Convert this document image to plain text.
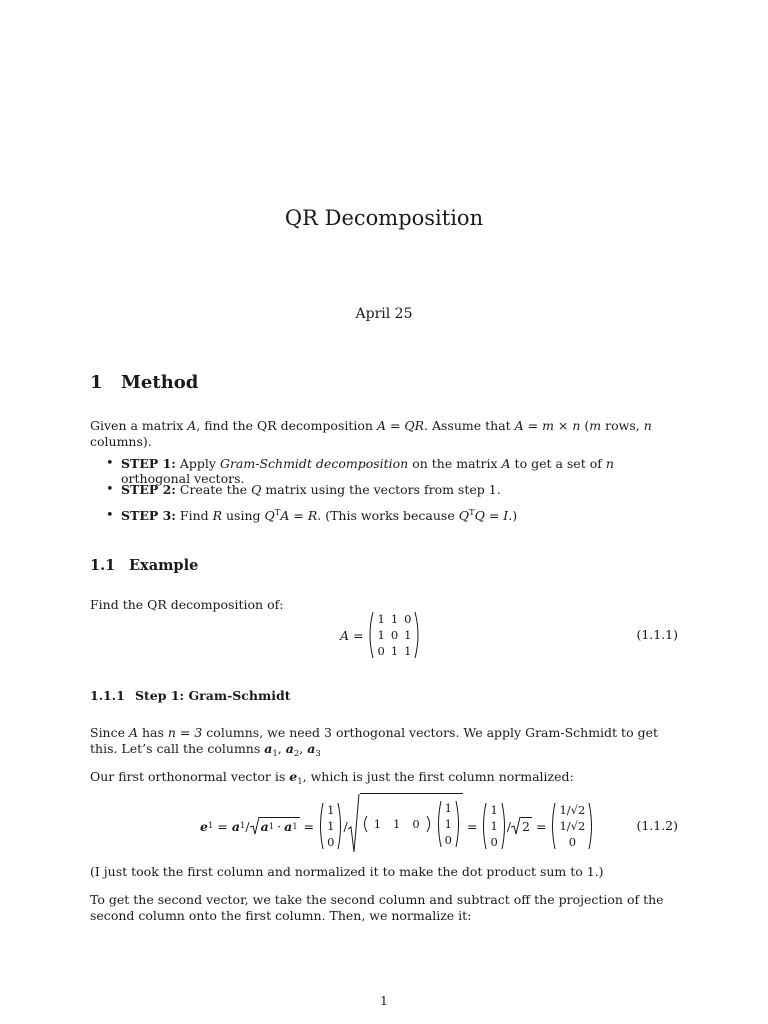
QR Decomposition
April 25
1 Method
Given a matrix A, find the QR decomposition A = QR. Assume that A = m × n (m rows, n columns).
• STEP 1: Apply Gram-Schmidt decomposition on the matrix A to get a set of n orthogonal vectors.
• STEP 2: Create the Q matrix using the vectors from step 1.
• STEP 3: Find R using $Q^TA = R$. (This works because $Q^TQ = I$.)
1.1 Example
Find the QR decomposition of:
A =
1	1	0
1	0	1
0	1	1
(1.1.1)
1.1.1 Step 1: Gram-Schmidt
Since A has n = 3 columns, we need 3 orthogonal vectors. We apply Gram-Schmidt to get this. Let’s call the columns $a_1$, $a_2$, $a_3$
Our first orthonormal vector is $e_1$, which is just the first column normalized:
e 1 = a 1 / a 1 · a 1 =
1
1
0
/ 1	1	0
1
1
0
=
1
1
0
/ 2 =
1/√2
1/√2
0
(1.1.2)
(I just took the first column and normalized it to make the dot product sum to 1.)
To get the second vector, we take the second column and subtract off the projection of the second column onto the first column. Then, we normalize it:
1
